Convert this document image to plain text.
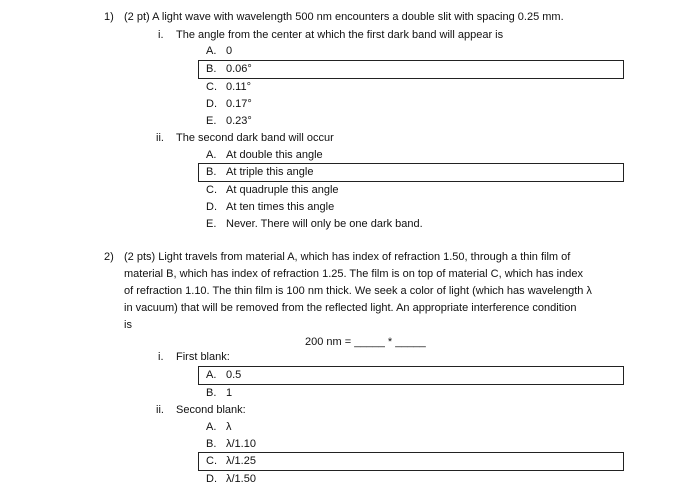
1) (2 pt) A light wave with wavelength 500 nm encounters a double slit with spacing 0.25 mm.
i. The angle from the center at which the first dark band will appear is
A. 0
B. 0.06°
C. 0.11°
D. 0.17°
E. 0.23°
ii. The second dark band will occur
A. At double this angle
B. At triple this angle
C. At quadruple this angle
D. At ten times this angle
E. Never. There will only be one dark band.
2) (2 pts) Light travels from material A, which has index of refraction 1.50, through a thin film of
material B, which has index of refraction 1.25. The film is on top of material C, which has index
of refraction 1.10. The thin film is 100 nm thick. We seek a color of light (which has wavelength λ
in vacuum) that will be removed from the reflected light. An appropriate interference condition
is
200 nm = _____ * _____
i. First blank:
A. 0.5
B. 1
ii. Second blank:
A. λ
B. λ/1.10
C. λ/1.25
D. λ/1.50
